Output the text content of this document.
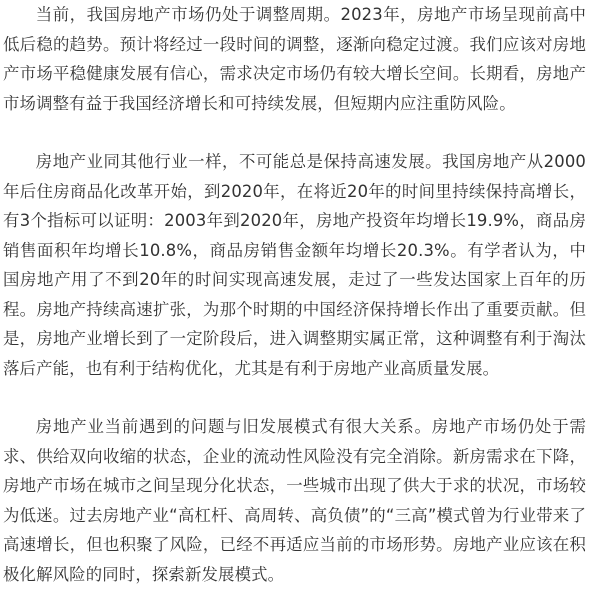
当前，我国房地产市场仍处于调整周期。2023年，房地产市场呈现前高中低后稳的趋势。预计将经过一段时间的调整，逐渐向稳定过渡。我们应该对房地产市场平稳健康发展有信心，需求决定市场仍有较大增长空间。长期看，房地产市场调整有益于我国经济增长和可持续发展，但短期内应注重防风险。

房地产业同其他行业一样，不可能总是保持高速发展。我国房地产从2000年后住房商品化改革开始，到2020年，在将近20年的时间里持续保持高增长，有3个指标可以证明：2003年到2020年，房地产投资年均增长19.9%，商品房销售面积年均增长10.8%，商品房销售金额年均增长20.3%。有学者认为，中国房地产用了不到20年的时间实现高速发展，走过了一些发达国家上百年的历程。房地产持续高速扩张，为那个时期的中国经济保持增长作出了重要贡献。但是，房地产业增长到了一定阶段后，进入调整期实属正常，这种调整有利于淘汰落后产能，也有利于结构优化，尤其是有利于房地产业高质量发展。

房地产业当前遇到的问题与旧发展模式有很大关系。房地产市场仍处于需求、供给双向收缩的状态，企业的流动性风险没有完全消除。新房需求在下降，房地产市场在城市之间呈现分化状态，一些城市出现了供大于求的状况，市场较为低迷。过去房地产业“高杠杆、高周转、高负债”的“三高”模式曾为行业带来了高速增长，但也积聚了风险，已经不再适应当前的市场形势。房地产业应该在积极化解风险的同时，探索新发展模式。
